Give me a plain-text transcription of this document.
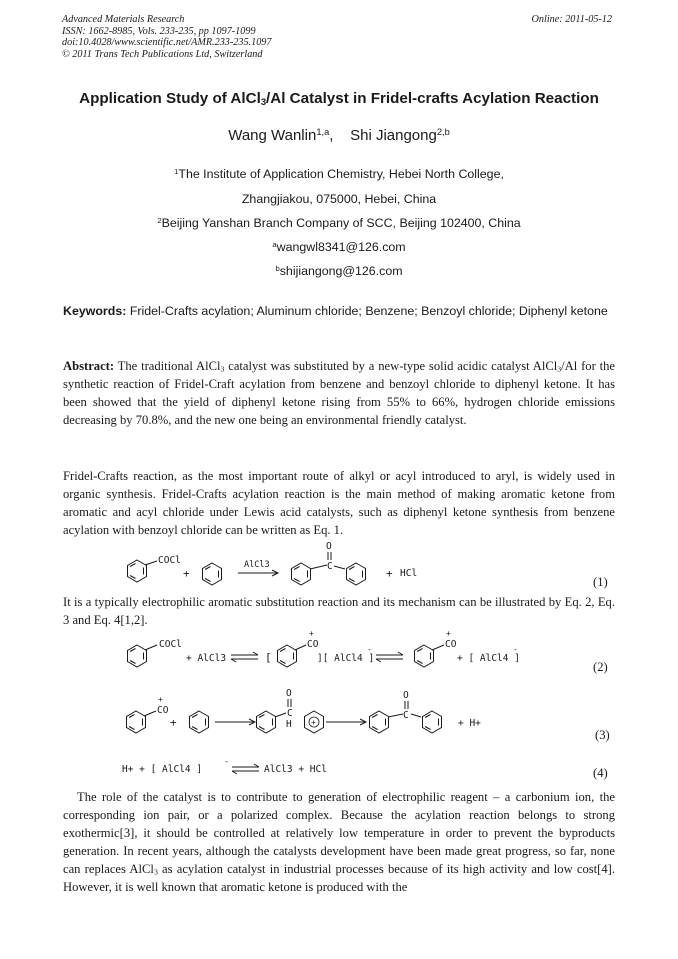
Advanced Materials Research
ISSN: 1662-8985, Vols. 233-235, pp 1097-1099
doi:10.4028/www.scientific.net/AMR.233-235.1097
© 2011 Trans Tech Publications Ltd, Switzerland
Online: 2011-05-12
Application Study of AlCl$_3$/Al Catalyst in Fridel-crafts Acylation Reaction
Wang Wanlin$^{1,a}$,    Shi Jiangong$^{2,b}$
$^1$The Institute of Application Chemistry, Hebei North College,
Zhangjiakou, 075000, Hebei, China
$^2$Beijing Yanshan Branch Company of SCC, Beijing 102400, China
$^a$wangwl8341@126.com
$^b$shijiangong@126.com
Keywords: Fridel-Crafts acylation; Aluminum chloride; Benzene; Benzoyl chloride; Diphenyl ketone
Abstract: The traditional AlCl$_3$ catalyst was substituted by a new-type solid acidic catalyst AlCl$_3$/Al for the synthetic reaction of Fridel-Craft acylation from benzene and benzoyl chloride to diphenyl ketone. It has been showed that the yield of diphenyl ketone rising from 55% to 66%, hydrogen chloride emissions decreasing by 70.8%, and the new one being an environmental friendly catalyst.
Fridel-Crafts reaction, as the most important route of alkyl or acyl introduced to aryl, is widely used in organic synthesis. Fridel-Crafts acylation reaction is the main method of making aromatic ketone from aromatic and acyl chloride under Lewis acid catalysts, such as diphenyl ketone synthesis from benzene acylation with benzoyl chloride can be written as Eq. 1.
It is a typically electrophilic aromatic substitution reaction and its mechanism can be illustrated by Eq. 2, Eq. 3 and Eq. 4[1,2].
The role of the catalyst is to contribute to generation of electrophilic reagent – a carbonium ion, the corresponding ion pair, or a polarized complex. Because the acylation reaction belongs to strong exothermic[3], it should be controlled at relatively low temperature in order to prevent the byproducts generation. In recent years, although the catalysts development have been made great progress, so far, none can replaces AlCl$_3$ as acylation catalyst in industrial processes because of its high activity and low cost[4]. However, it is well known that aromatic ketone is produced with the
(1)
(2)
(3)
(4)
COCl
+
AlCl3	C
O
+ HCl
COCl
+ AlCl3	[
+
CO
][ AlCl4 ]
-
+
CO
+ [ AlCl4 ]
-
+
CO
+
C
O
H +
C
O
+ H+
H+ + [ AlCl4 ]
-
AlCl3 + HCl
